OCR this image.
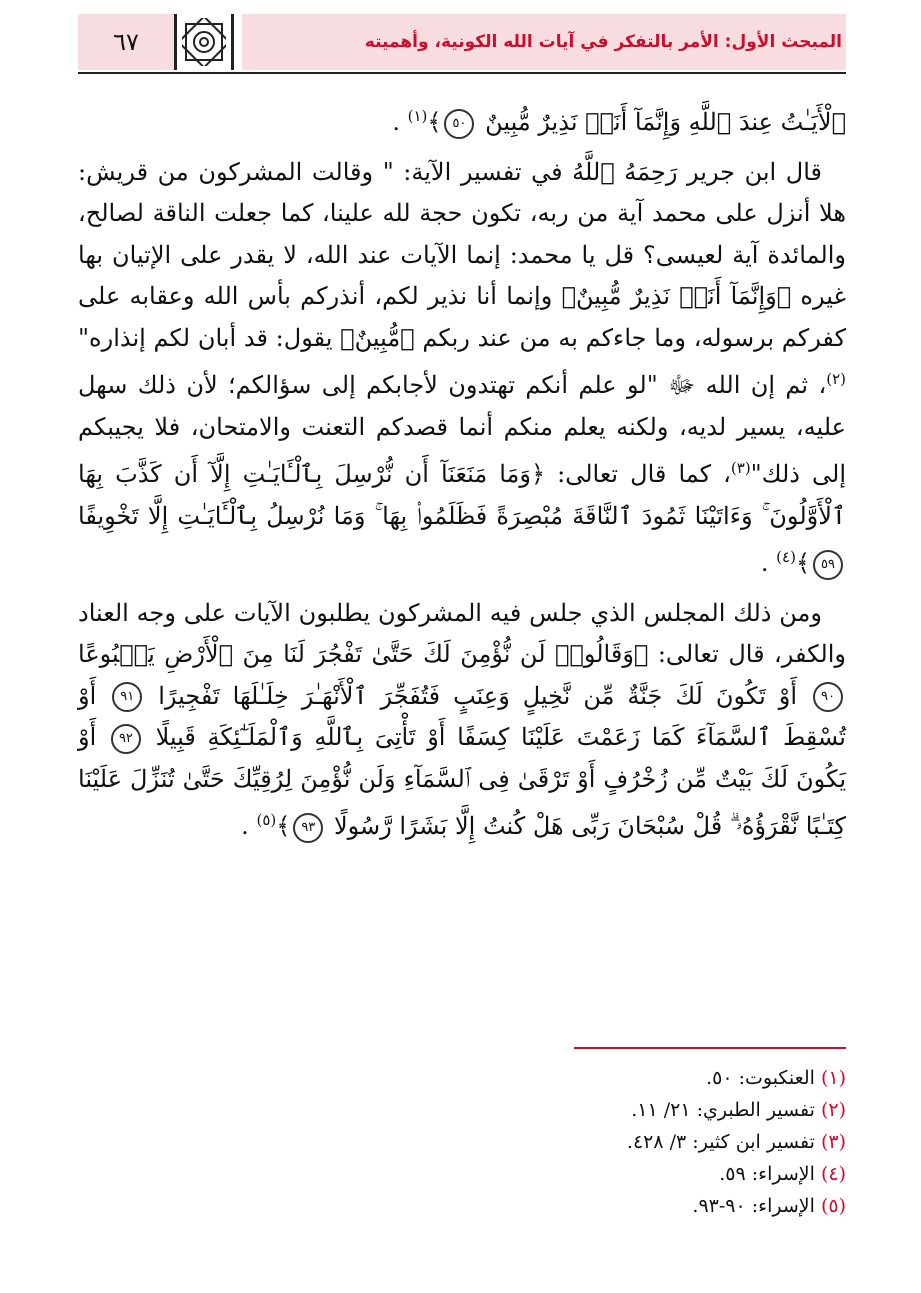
المبحث الأول: الأمر بالتفكر في آيات الله الكونية، وأهميته
٦٧

ٱلْأَيَـٰتُ عِندَ ٱللَّهِ وَإِنَّمَآ أَنَا۠ نَذِيرٌ مُّبِينٌ ٥٠﴾$^{(١)}$ .

قال ابن جرير رَحِمَهُ ٱللَّهُ في تفسير الآية: " وقالت المشركون من قريش: هلا أنزل على محمد آية من ربه، تكون حجة لله علينا، كما جعلت الناقة لصالح، والمائدة آية لعيسى؟ قل يا محمد: إنما الآيات عند الله، لا يقدر على الإتيان بها غيره ﴿وَإِنَّمَآ أَنَا۠ نَذِيرٌ مُّبِينٌ﴾ وإنما أنا نذير لكم، أنذركم بأس الله وعقابه على كفركم برسوله، وما جاءكم به من عند ربكم ﴿مُّبِينٌ﴾ يقول: قد أبان لكم إنذاره"$^{(٢)}$، ثم إن الله ﷻ "لو علم أنكم تهتدون لأجابكم إلى سؤالكم؛ لأن ذلك سهل عليه، يسير لديه، ولكنه يعلم منكم أنما قصدكم التعنت والامتحان، فلا يجيبكم إلى ذلك"$^{(٣)}$، كما قال تعالى: ﴿وَمَا مَنَعَنَآ أَن نُّرْسِلَ بِٱلْـَٔايَـٰتِ إِلَّآ أَن كَذَّبَ بِهَا ٱلْأَوَّلُونَ ۚ وَءَاتَيْنَا ثَمُودَ ٱلنَّاقَةَ مُبْصِرَةً فَظَلَمُوا۟ بِهَا ۚ وَمَا نُرْسِلُ بِٱلْـَٔايَـٰتِ إِلَّا تَخْوِيفًا ٥٩﴾$^{(٤)}$ .

ومن ذلك المجلس الذي جلس فيه المشركون يطلبون الآيات على وجه العناد والكفر، قال تعالى: ﴿وَقَالُوا۟ لَن نُّؤْمِنَ لَكَ حَتَّىٰ تَفْجُرَ لَنَا مِنَ ٱلْأَرْضِ يَنۢبُوعًا ٩٠ أَوْ تَكُونَ لَكَ جَنَّةٌ مِّن نَّخِيلٍ وَعِنَبٍ فَتُفَجِّرَ ٱلْأَنْهَـٰرَ خِلَـٰلَهَا تَفْجِيرًا ٩١ أَوْ تُسْقِطَ ٱلسَّمَآءَ كَمَا زَعَمْتَ عَلَيْنَا كِسَفًا أَوْ تَأْتِىَ بِٱللَّهِ وَٱلْمَلَـٰٓئِكَةِ قَبِيلًا ٩٢ أَوْ يَكُونَ لَكَ بَيْتٌ مِّن زُخْرُفٍ أَوْ تَرْقَىٰ فِى ٱلسَّمَآءِ وَلَن نُّؤْمِنَ لِرُقِيِّكَ حَتَّىٰ تُنَزِّلَ عَلَيْنَا كِتَـٰبًا نَّقْرَؤُهُۥ ۗ قُلْ سُبْحَانَ رَبِّى هَلْ كُنتُ إِلَّا بَشَرًا رَّسُولًا ٩٣﴾$^{(٥)}$ .

(١) العنكبوت: ٥٠.
(٢) تفسير الطبري: ٢١/ ١١.
(٣) تفسير ابن كثير: ٣/ ٤٢٨.
(٤) الإسراء: ٥٩.
(٥) الإسراء: ٩٠-٩٣.
